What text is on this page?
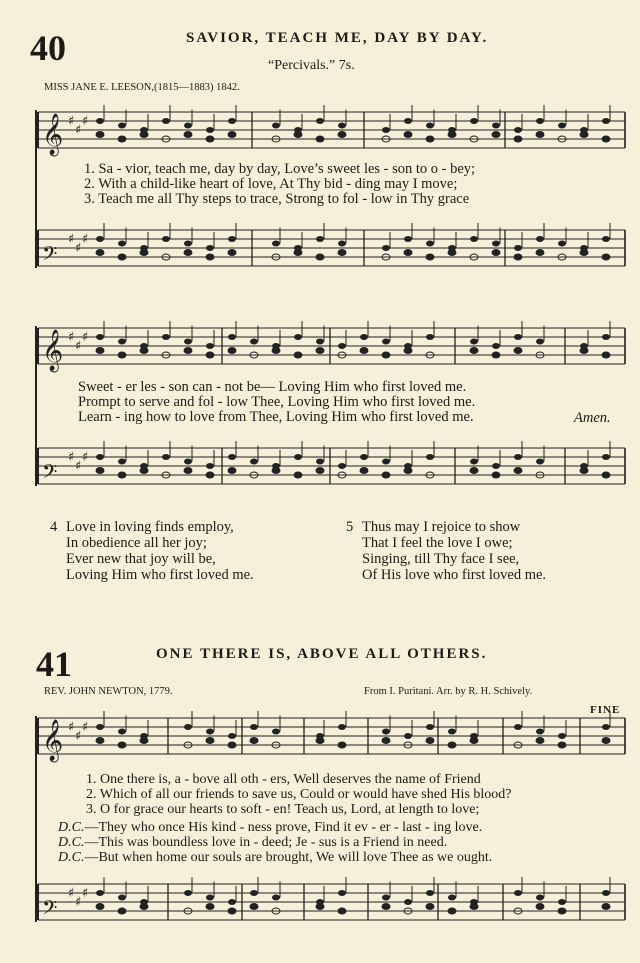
40	SAVIOR, TEACH ME, DAY BY DAY.
“Percivals.” 7s.
MISS JANE E. LEESON,(1815—1883) 1842.
𝄞 ♯
♯
♯
𝄢
♯
♯
♯
𝄞 ♯
♯
♯
𝄢
♯
♯
♯
𝄞 ♯
♯
♯
𝄢
♯
♯
♯
1. Sa - vior, teach me, day by day, Love’s sweet les - son to o - bey;
2. With a child-like heart of love, At Thy bid - ding may I move;
3. Teach me all Thy steps to trace, Strong to fol - low in Thy grace
Sweet - er les - son can - not be— Loving Him who first loved me.
Prompt to serve and fol - low Thee, Loving Him who first loved me.
Learn - ing how to love from Thee, Loving Him who first loved me.	Amen.
4 Love in loving finds employ,
In obedience all her joy;
Ever new that joy will be,
Loving Him who first loved me.
5 Thus may I rejoice to show
That I feel the love I owe;
Singing, till Thy face I see,
Of His love who first loved me.
41	ONE THERE IS, ABOVE ALL OTHERS.
REV. JOHN NEWTON, 1779.	From I. Puritani. Arr. by R. H. Schively.
FINE
1. One there is, a - bove all oth - ers, Well deserves the name of Friend
2. Which of all our friends to save us, Could or would have shed His blood?
3. O for grace our hearts to soft - en! Teach us, Lord, at length to love;
D.C.—They who once His kind - ness prove, Find it ev - er - last - ing love.
D.C.—This was boundless love in - deed; Je - sus is a Friend in need.
D.C.—But when home our souls are brought, We will love Thee as we ought.
